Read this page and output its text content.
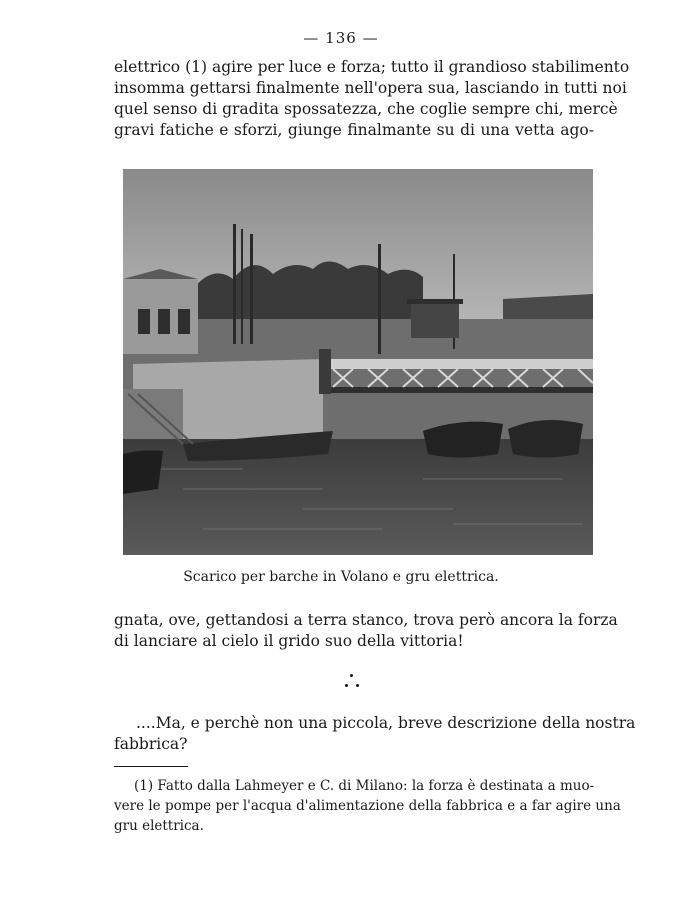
— 136 —
elettrico (1) agire per luce e forza; tutto il grandioso stabilimento
insomma gettarsi finalmente nell'opera sua, lasciando in tutti noi
quel senso di gradita spossatezza, che coglie sempre chi, mercè
gravi fatiche e sforzi, giunge finalmante su di una vetta ago-
Scarico per barche in Volano e gru elettrica.
gnata, ove, gettandosi a terra stanco, trova però ancora la forza
di lanciare al cielo il grido suo della vittoria!
....Ma, e perchè non una piccola, breve descrizione della nostra
fabbrica?
(1) Fatto dalla Lahmeyer e C. di Milano: la forza è destinata a muo-
vere le pompe per l'acqua d'alimentazione della fabbrica e a far agire una
gru elettrica.
